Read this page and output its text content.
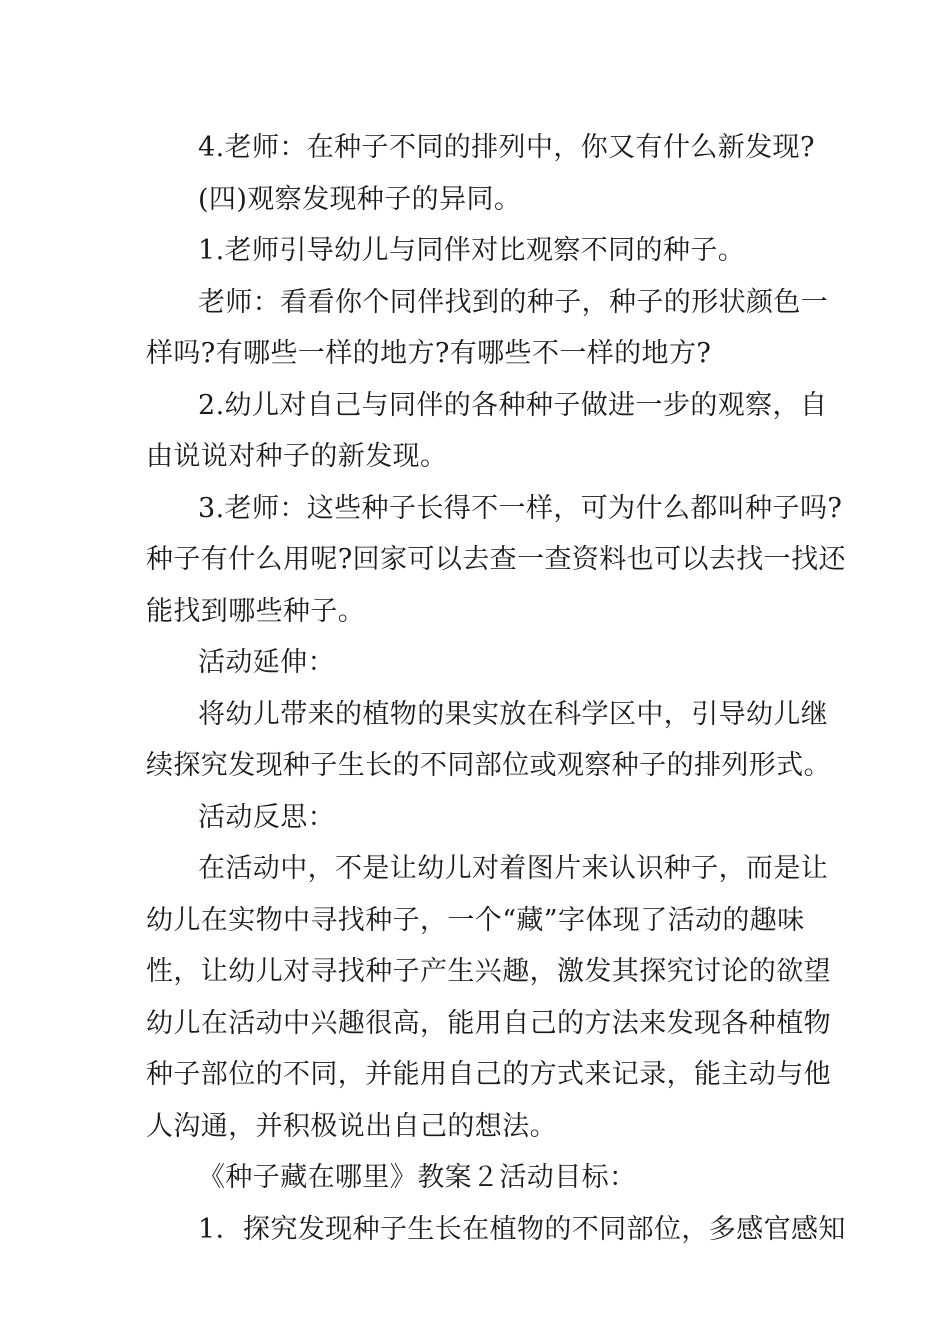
4.老师：在种子不同的排列中，你又有什么新发现?
(四)观察发现种子的异同。
1.老师引导幼儿与同伴对比观察不同的种子。
老师：看看你个同伴找到的种子，种子的形状颜色一
样吗?有哪些一样的地方?有哪些不一样的地方?
2.幼儿对自己与同伴的各种种子做进一步的观察，自
由说说对种子的新发现。
3.老师：这些种子长得不一样，可为什么都叫种子吗?
种子有什么用呢?回家可以去查一查资料也可以去找一找还
能找到哪些种子。
活动延伸：
将幼儿带来的植物的果实放在科学区中，引导幼儿继
续探究发现种子生长的不同部位或观察种子的排列形式。
活动反思：
在活动中，不是让幼儿对着图片来认识种子，而是让
幼儿在实物中寻找种子，一个“藏”字体现了活动的趣味
性，让幼儿对寻找种子产生兴趣，激发其探究讨论的欲望
幼儿在活动中兴趣很高，能用自己的方法来发现各种植物
种子部位的不同，并能用自己的方式来记录，能主动与他
人沟通，并积极说出自己的想法。
《种子藏在哪里》教案２活动目标：
1．探究发现种子生长在植物的不同部位，多感官感知
